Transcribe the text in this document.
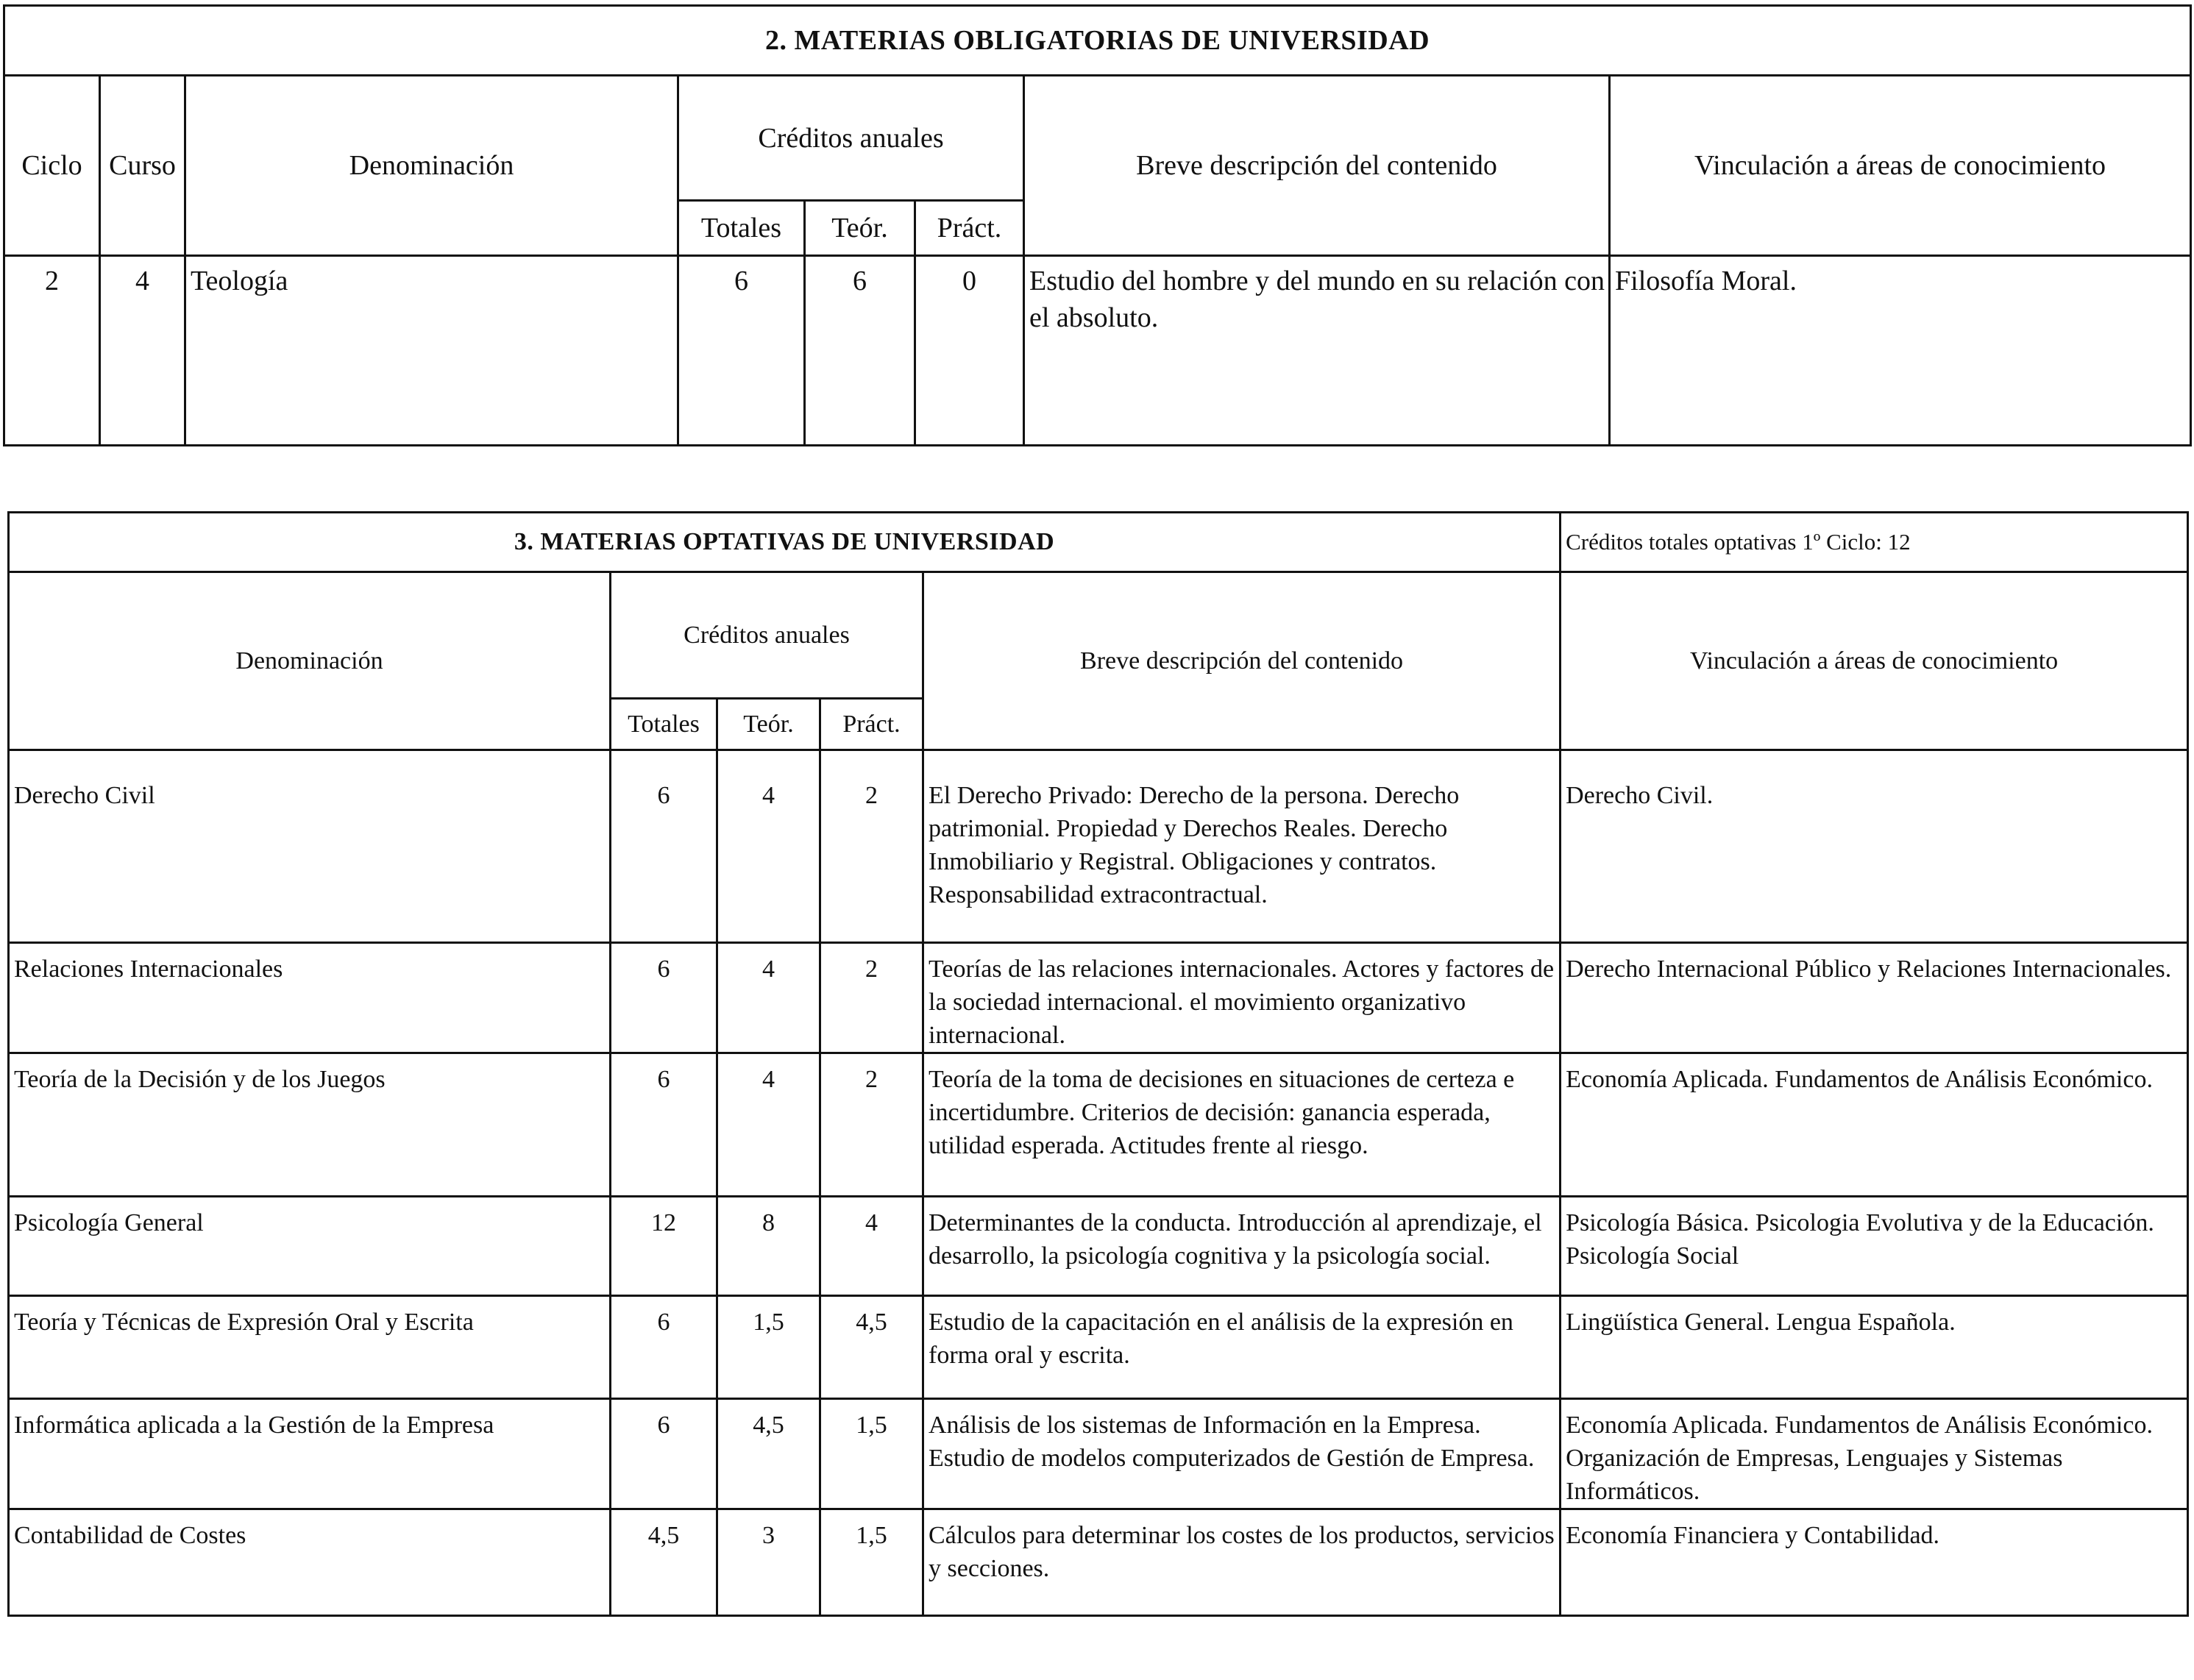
2. MATERIAS OBLIGATORIAS DE UNIVERSIDAD							
Ciclo	Curso	Denominación	Créditos anuales			Breve descripción del contenido	Vinculación a áreas de conocimiento
			Totales	Teór.	Práct.		
2	4	Teología	6	6	0	Estudio del hombre y del mundo en su relación con el absoluto.	Filosofía Moral.
3. MATERIAS OPTATIVAS DE UNIVERSIDAD					Créditos totales optativas 1º Ciclo: 12
Denominación	Créditos anuales			Breve descripción del contenido	Vinculación a áreas de conocimiento
	Totales	Teór.	Práct.		
Derecho Civil	6	4	2	El Derecho Privado: Derecho de la persona. Derecho patrimonial. Propiedad y Derechos Reales. Derecho Inmobiliario y Registral. Obligaciones y contratos. Responsabilidad extracontractual.	Derecho Civil.
Relaciones Internacionales	6	4	2	Teorías de las relaciones internacionales. Actores y factores de la sociedad internacional. el movimiento organizativo internacional.	Derecho Internacional Público y Relaciones Internacionales.
Teoría de la Decisión y de los Juegos	6	4	2	Teoría de la toma de decisiones en situaciones de certeza e incertidumbre. Criterios de decisión: ganancia esperada, utilidad esperada. Actitudes frente al riesgo.	Economía Aplicada. Fundamentos de Análisis Económico.
Psicología General	12	8	4	Determinantes de la conducta. Introducción al aprendizaje, el desarrollo, la psicología cognitiva y la psicología social.	Psicología Básica. Psicologia Evolutiva y de la Educación. Psicología Social
Teoría y Técnicas de Expresión Oral y Escrita	6	1,5	4,5	Estudio de la capacitación en el análisis de la expresión en forma oral y escrita.	Lingüística General. Lengua Española.
Informática aplicada a la Gestión de la Empresa	6	4,5	1,5	Análisis de los sistemas de Información en la Empresa. Estudio de modelos computerizados de Gestión de Empresa.	Economía Aplicada. Fundamentos de Análisis Económico. Organización de Empresas, Lenguajes y Sistemas Informáticos.
Contabilidad de Costes	4,5	3	1,5	Cálculos para determinar los costes de los productos, servicios y secciones.	Economía Financiera y Contabilidad.
